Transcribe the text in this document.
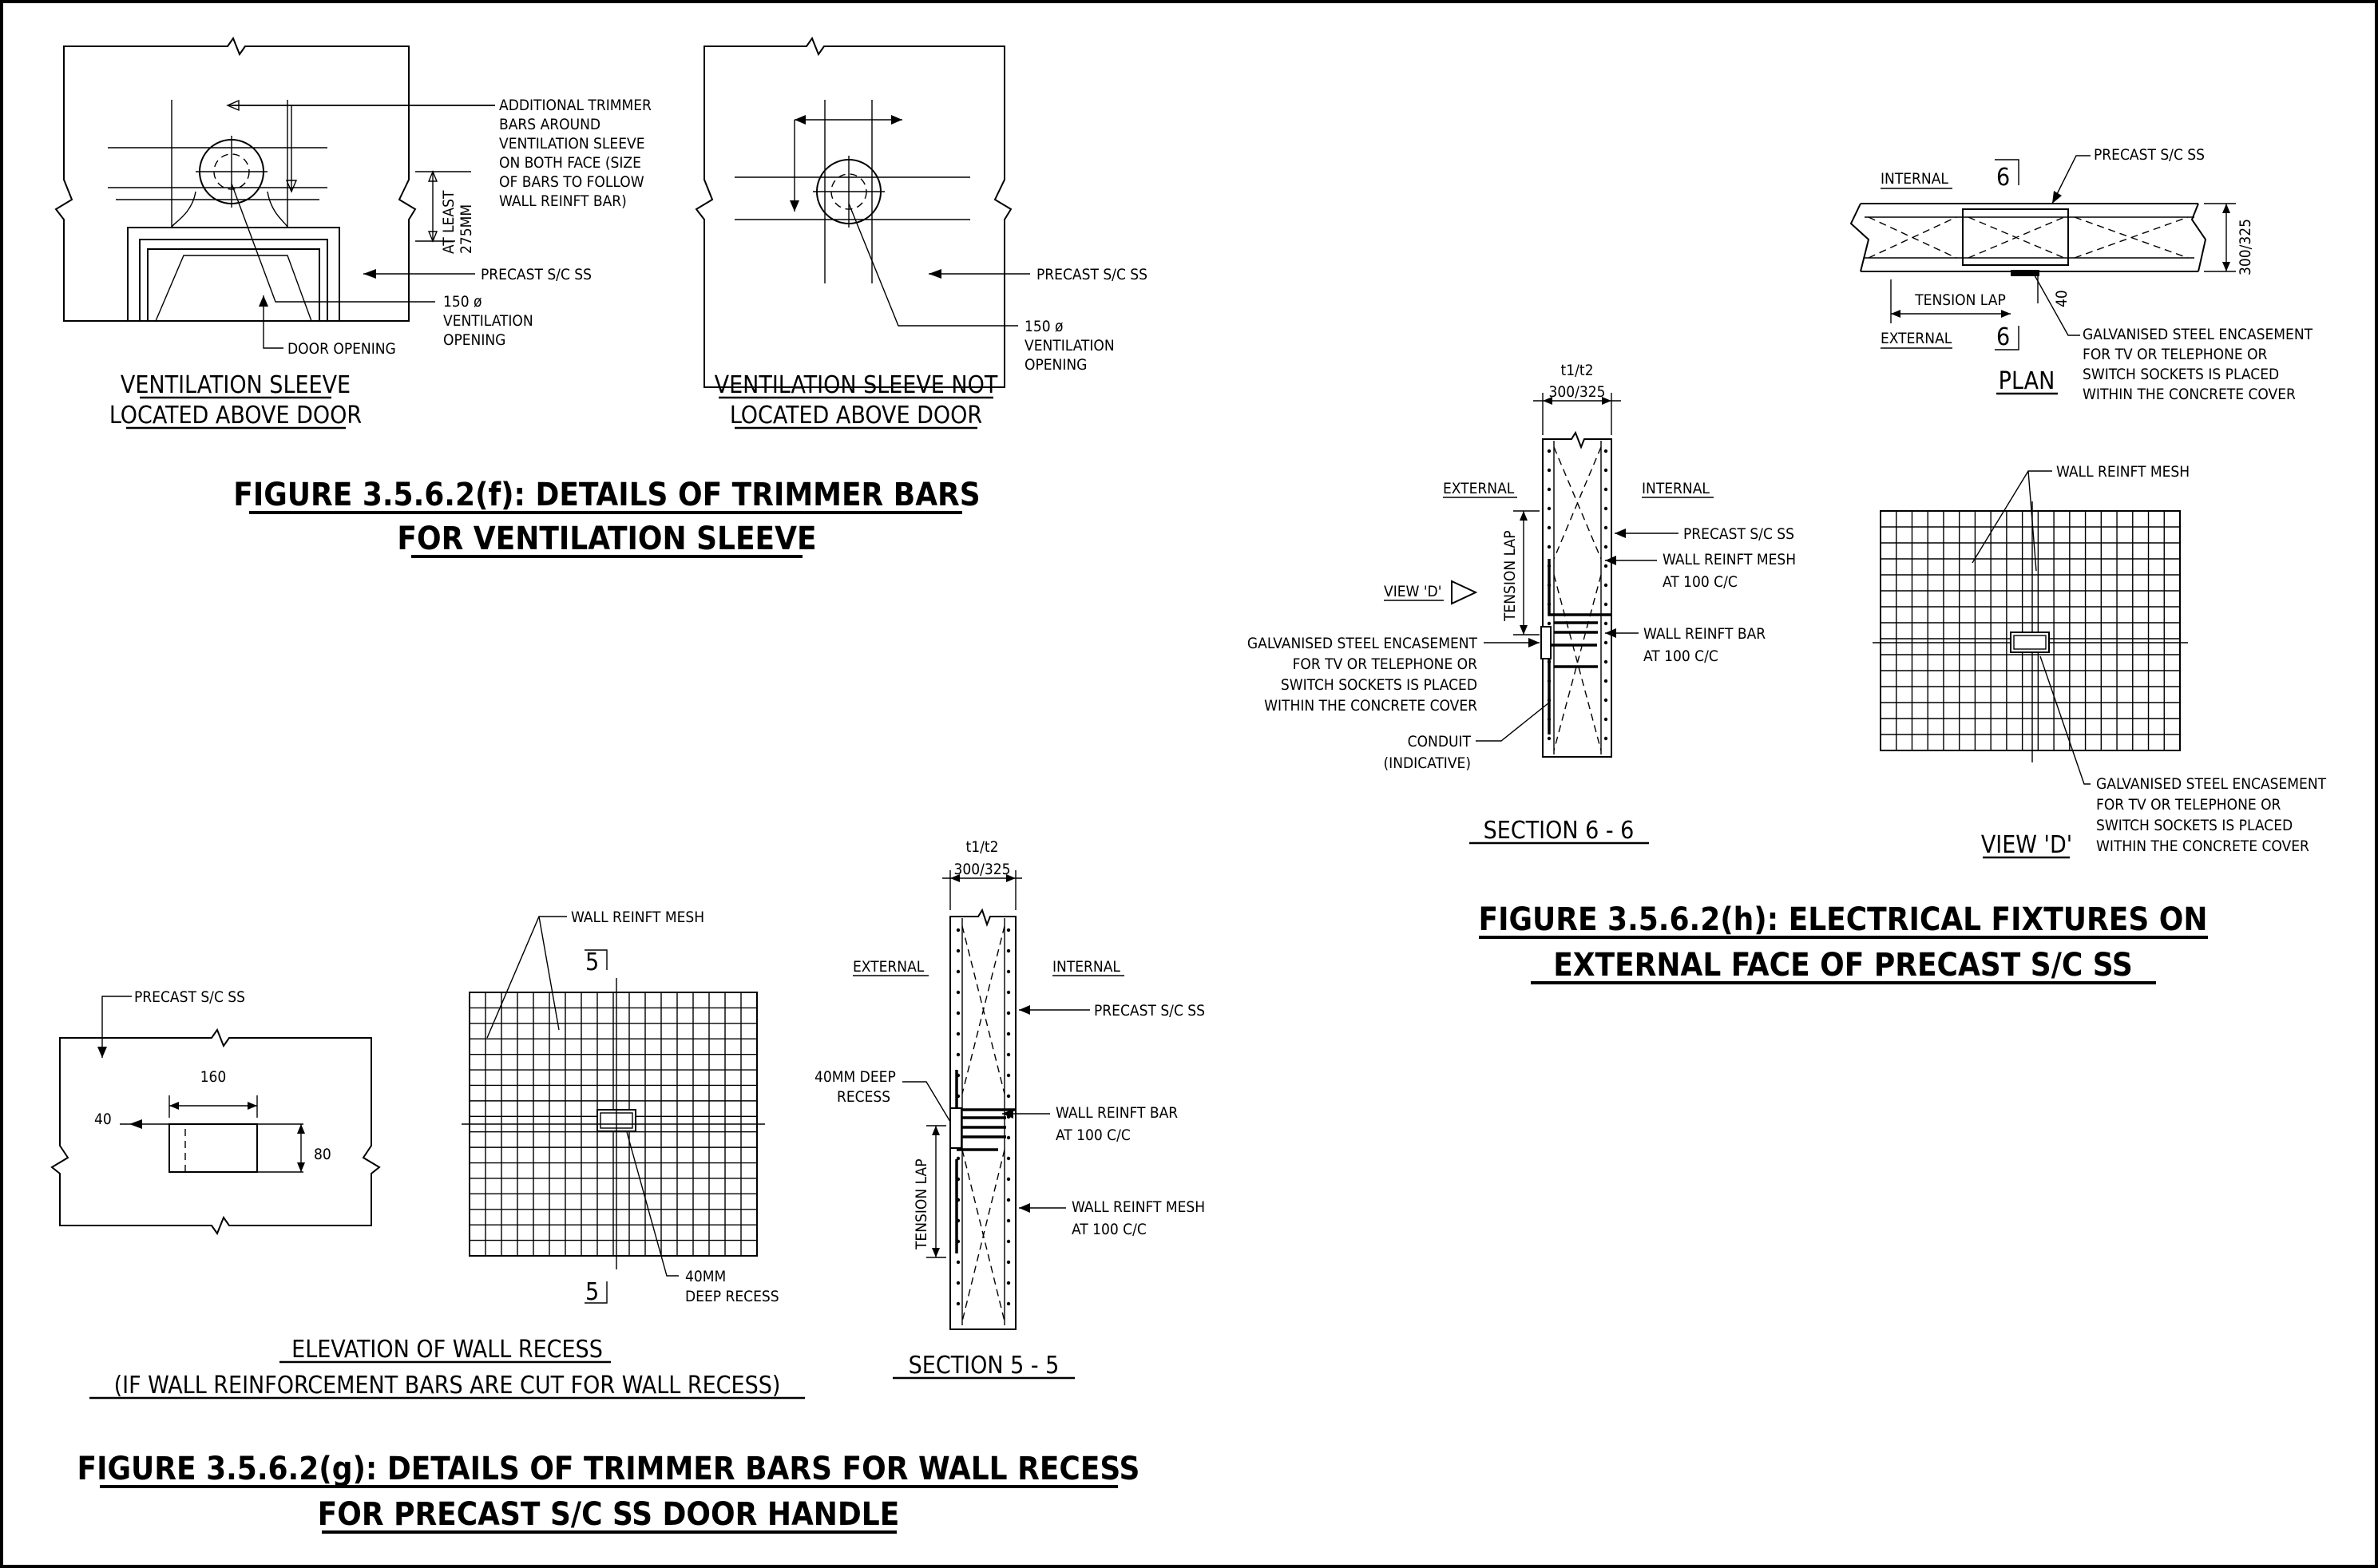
AT LEAST 275MM
ADDITIONAL TRIMMER
BARS AROUND
VENTILATION SLEEVE
ON BOTH FACE (SIZE
OF BARS TO FOLLOW
WALL REINFT BAR)
PRECAST S/C SS
150 ø
VENTILATION
OPENING
DOOR OPENING
VENTILATION SLEEVE
LOCATED ABOVE DOOR
PRECAST S/C SS
150 ø
VENTILATION
OPENING
VENTILATION SLEEVE NOT
LOCATED ABOVE DOOR
FIGURE 3.5.6.2(f): DETAILS OF TRIMMER BARS
FOR VENTILATION SLEEVE
160
40
80
PRECAST S/C SS
WALL REINFT MESH
5
5
40MM
DEEP RECESS
ELEVATION OF WALL RECESS
(IF WALL REINFORCEMENT BARS ARE CUT FOR WALL RECESS)
t1/t2
300/325
EXTERNAL	INTERNAL
PRECAST S/C SS
40MM DEEP
RECESS
WALL REINFT BAR
AT 100 C/C
TENSION LAP	WALL REINFT MESH
AT 100 C/C
SECTION 5 - 5
FIGURE 3.5.6.2(g): DETAILS OF TRIMMER BARS FOR WALL RECESS
FOR PRECAST S/C SS DOOR HANDLE
INTERNAL
EXTERNAL
6
6
PRECAST S/C SS
300/325
TENSION LAP	40
GALVANISED STEEL ENCASEMENT
FOR TV OR TELEPHONE OR
SWITCH SOCKETS IS PLACED
WITHIN THE CONCRETE COVER
PLAN
t1/t2
300/325
EXTERNAL	INTERNAL
PRECAST S/C SS
WALL REINFT MESH
AT 100 C/C
VIEW 'D'	TENSION LAP
GALVANISED STEEL ENCASEMENT
FOR TV OR TELEPHONE OR
SWITCH SOCKETS IS PLACED
WITHIN THE CONCRETE COVER
WALL REINFT BAR
AT 100 C/C
CONDUIT
(INDICATIVE)
SECTION 6 - 6
WALL REINFT MESH
GALVANISED STEEL ENCASEMENT
FOR TV OR TELEPHONE OR
SWITCH SOCKETS IS PLACED
WITHIN THE CONCRETE COVER
VIEW 'D'
FIGURE 3.5.6.2(h): ELECTRICAL FIXTURES ON
EXTERNAL FACE OF PRECAST S/C SS
